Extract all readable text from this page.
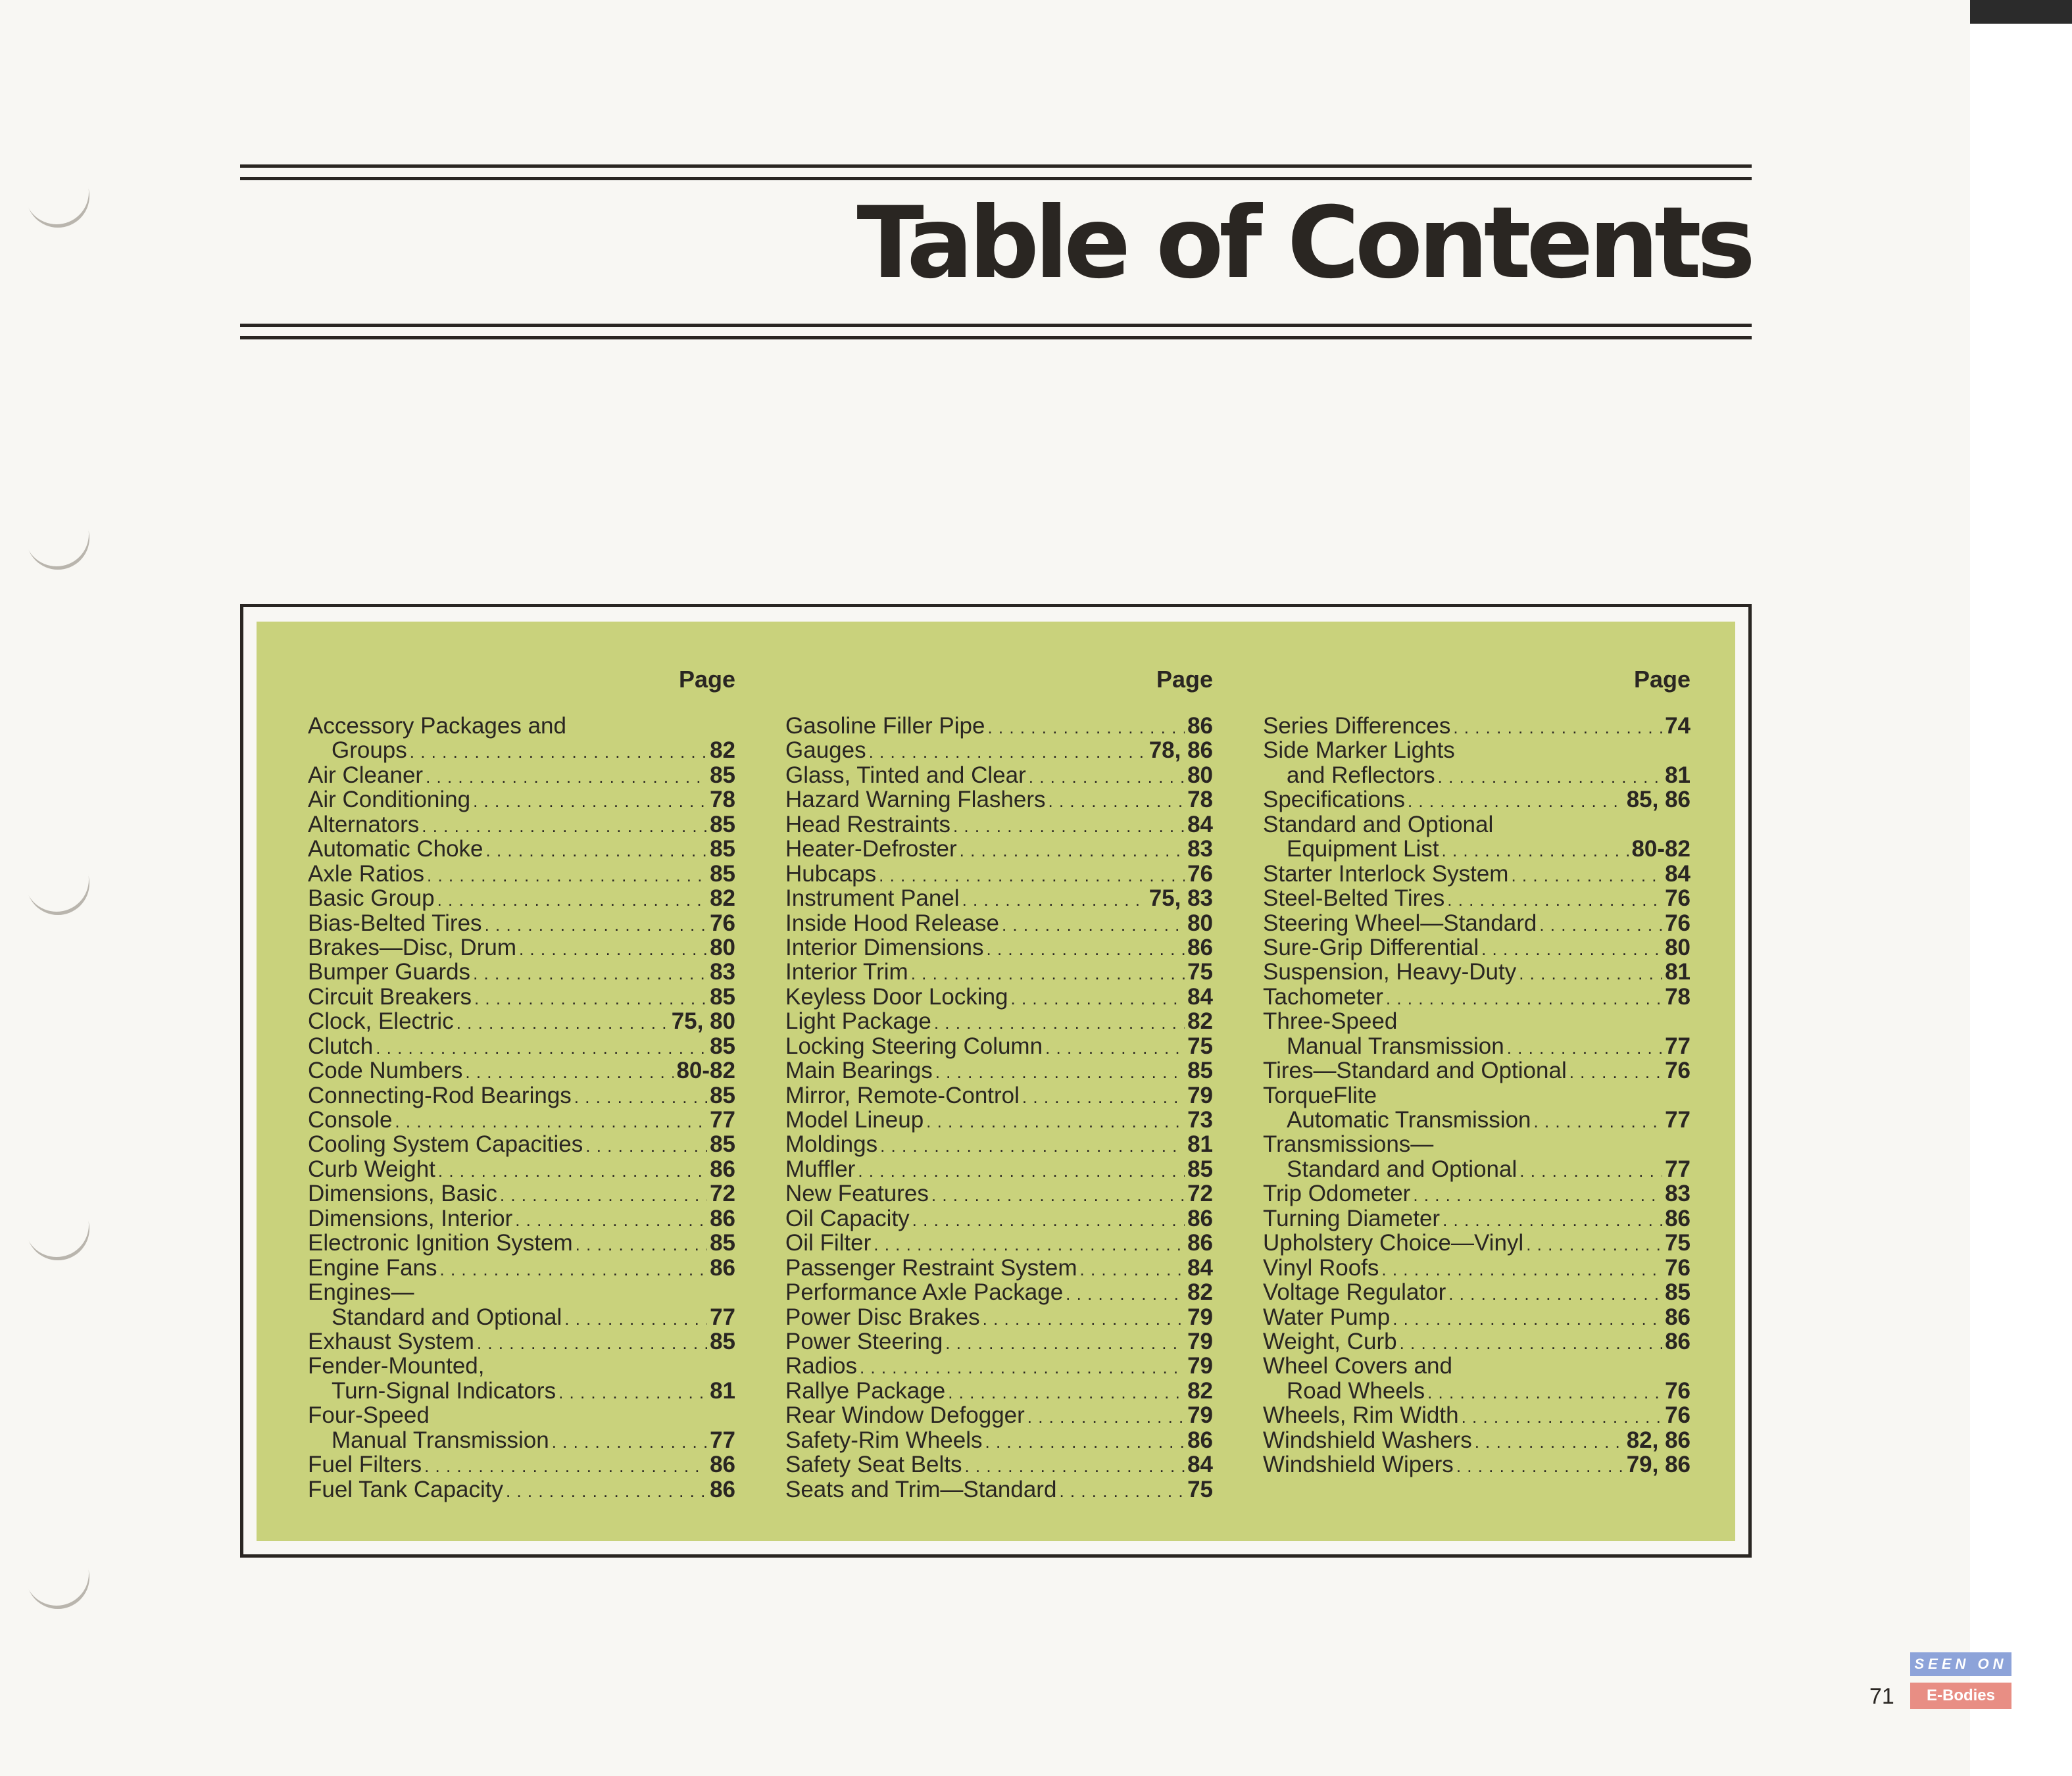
Table of Contents
Page
Accessory Packages and
Groups . . .	82
Air Cleaner . . .	85
Air Conditioning . . .	78
Alternators . . .	85
Automatic Choke . . .	85
Axle Ratios . . .	85
Basic Group . . .	82
Bias-Belted Tires . . .	76
Brakes—Disc, Drum . . .	80
Bumper Guards . . .	83
Circuit Breakers . . .	85
Clock, Electric . . .	75, 80
Clutch . . .	85
Code Numbers . . .	80-82
Connecting-Rod Bearings . . .	85
Console . . .	77
Cooling System Capacities . . .	85
Curb Weight . . .	86
Dimensions, Basic . . .	72
Dimensions, Interior . . .	86
Electronic Ignition System . . .	85
Engine Fans . . .	86
Engines—
Standard and Optional . . .	77
Exhaust System . . .	85
Fender-Mounted,
Turn-Signal Indicators . . .	81
Four-Speed
Manual Transmission . . .	77
Fuel Filters . . .	86
Fuel Tank Capacity . . .	86
Page
Gasoline Filler Pipe . . .	86
Gauges . . .	78, 86
Glass, Tinted and Clear . . .	80
Hazard Warning Flashers . . .	78
Head Restraints . . .	84
Heater-Defroster . . .	83
Hubcaps . . .	76
Instrument Panel . . .	75, 83
Inside Hood Release . . .	80
Interior Dimensions . . .	86
Interior Trim . . .	75
Keyless Door Locking . . .	84
Light Package . . .	82
Locking Steering Column . . .	75
Main Bearings . . .	85
Mirror, Remote-Control . . .	79
Model Lineup . . .	73
Moldings . . .	81
Muffler . . .	85
New Features . . .	72
Oil Capacity . . .	86
Oil Filter . . .	86
Passenger Restraint System . . .	84
Performance Axle Package . . .	82
Power Disc Brakes . . .	79
Power Steering . . .	79
Radios . . .	79
Rallye Package . . .	82
Rear Window Defogger . . .	79
Safety-Rim Wheels . . .	86
Safety Seat Belts . . .	84
Seats and Trim—Standard . . .	75
Page
Series Differences . . .	74
Side Marker Lights
and Reflectors . . .	81
Specifications . . .	85, 86
Standard and Optional
Equipment List . . .	80-82
Starter Interlock System . . .	84
Steel-Belted Tires . . .	76
Steering Wheel—Standard . . .	76
Sure-Grip Differential . . .	80
Suspension, Heavy-Duty . . .	81
Tachometer . . .	78
Three-Speed
Manual Transmission . . .	77
Tires—Standard and Optional . . .	76
TorqueFlite
Automatic Transmission . . .	77
Transmissions—
Standard and Optional . . .	77
Trip Odometer . . .	83
Turning Diameter . . .	86
Upholstery Choice—Vinyl . . .	75
Vinyl Roofs . . .	76
Voltage Regulator . . .	85
Water Pump . . .	86
Weight, Curb . . .	86
Wheel Covers and
Road Wheels . . .	76
Wheels, Rim Width . . .	76
Windshield Washers . . .	82, 86
Windshield Wipers . . .	79, 86
71
SEEN ON
E-Bodies
